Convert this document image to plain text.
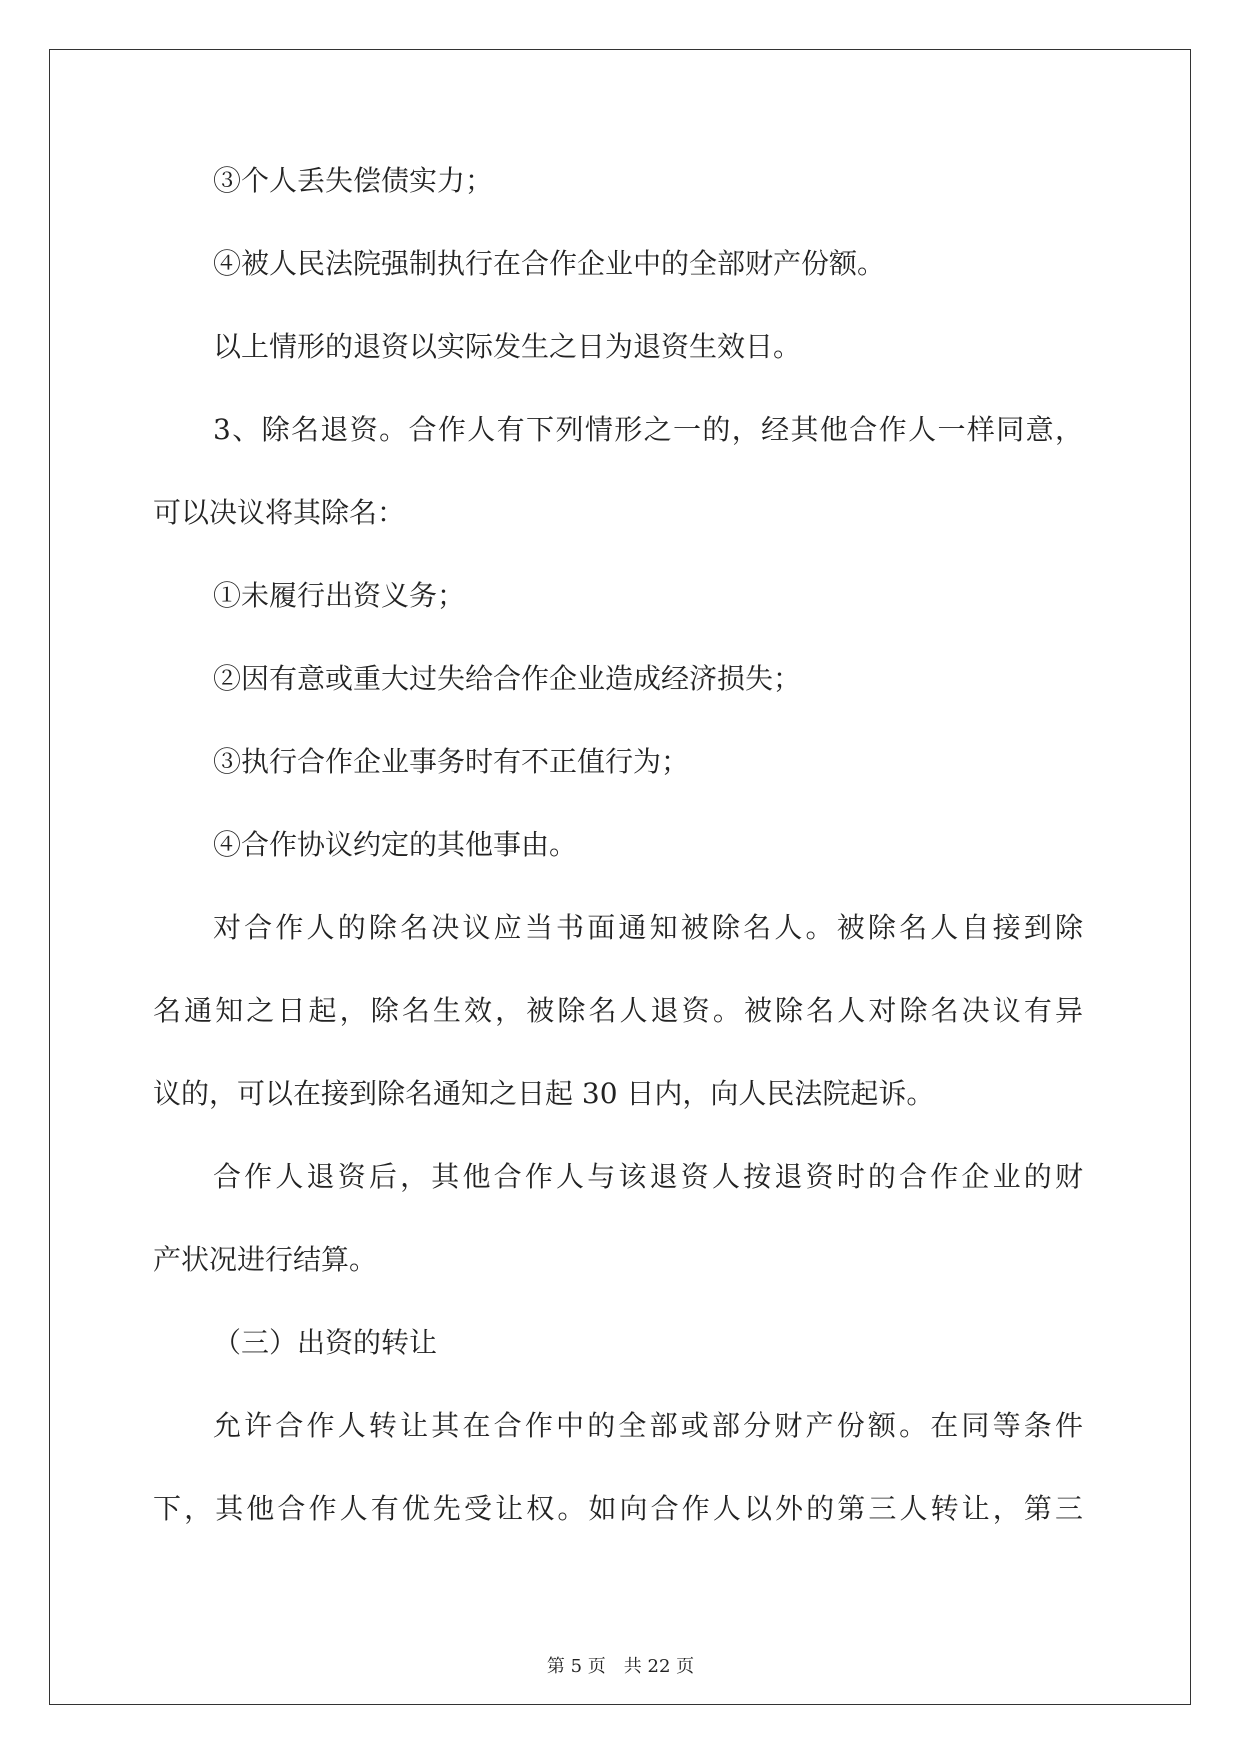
③个人丢失偿债实力；
④被人民法院强制执行在合作企业中的全部财产份额。
以上情形的退资以实际发生之日为退资生效日。
3、除名退资。合作人有下列情形之一的，经其他合作人一样同意，
可以决议将其除名：
①未履行出资义务；
②因有意或重大过失给合作企业造成经济损失；
③执行合作企业事务时有不正值行为；
④合作协议约定的其他事由。
对合作人的除名决议应当书面通知被除名人。被除名人自接到除
名通知之日起，除名生效，被除名人退资。被除名人对除名决议有异
议的，可以在接到除名通知之日起 30 日内，向人民法院起诉。
合作人退资后，其他合作人与该退资人按退资时的合作企业的财
产状况进行结算。
（三）出资的转让
允许合作人转让其在合作中的全部或部分财产份额。在同等条件
下，其他合作人有优先受让权。如向合作人以外的第三人转让，第三
第 5 页　共 22 页
